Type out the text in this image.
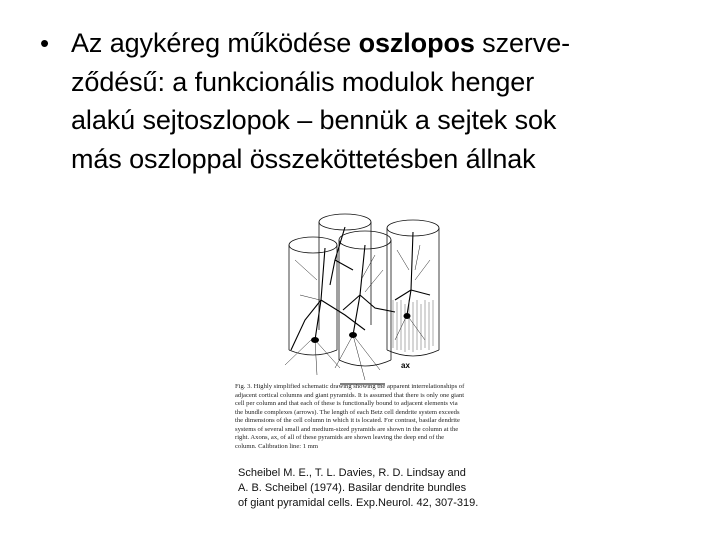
• Az agykéreg működése oszlopos szerve-
ződésű: a funkcionális modulok henger
alakú sejtoszlopok – bennük a sejtek sok
más oszloppal összeköttetésben állnak
ax
Fig. 3. Highly simplified schematic drawing showing the apparent interrelationships of adjacent cortical columns and giant pyramids. It is assumed that there is only one giant cell per column and that each of these is functionally bound to adjacent elements via the bundle complexes (arrows). The length of each Betz cell dendrite system exceeds the dimensions of the cell column in which it is located. For contrast, basilar dendrite systems of several small and medium-sized pyramids are shown in the column at the right. Axons, ax, of all of these pyramids are shown leaving the deep end of the column. Calibration line: 1 mm
Scheibel M. E., T. L. Davies, R. D. Lindsay and
A. B. Scheibel (1974). Basilar dendrite bundles
of giant pyramidal cells. Exp.Neurol. 42, 307-319.
